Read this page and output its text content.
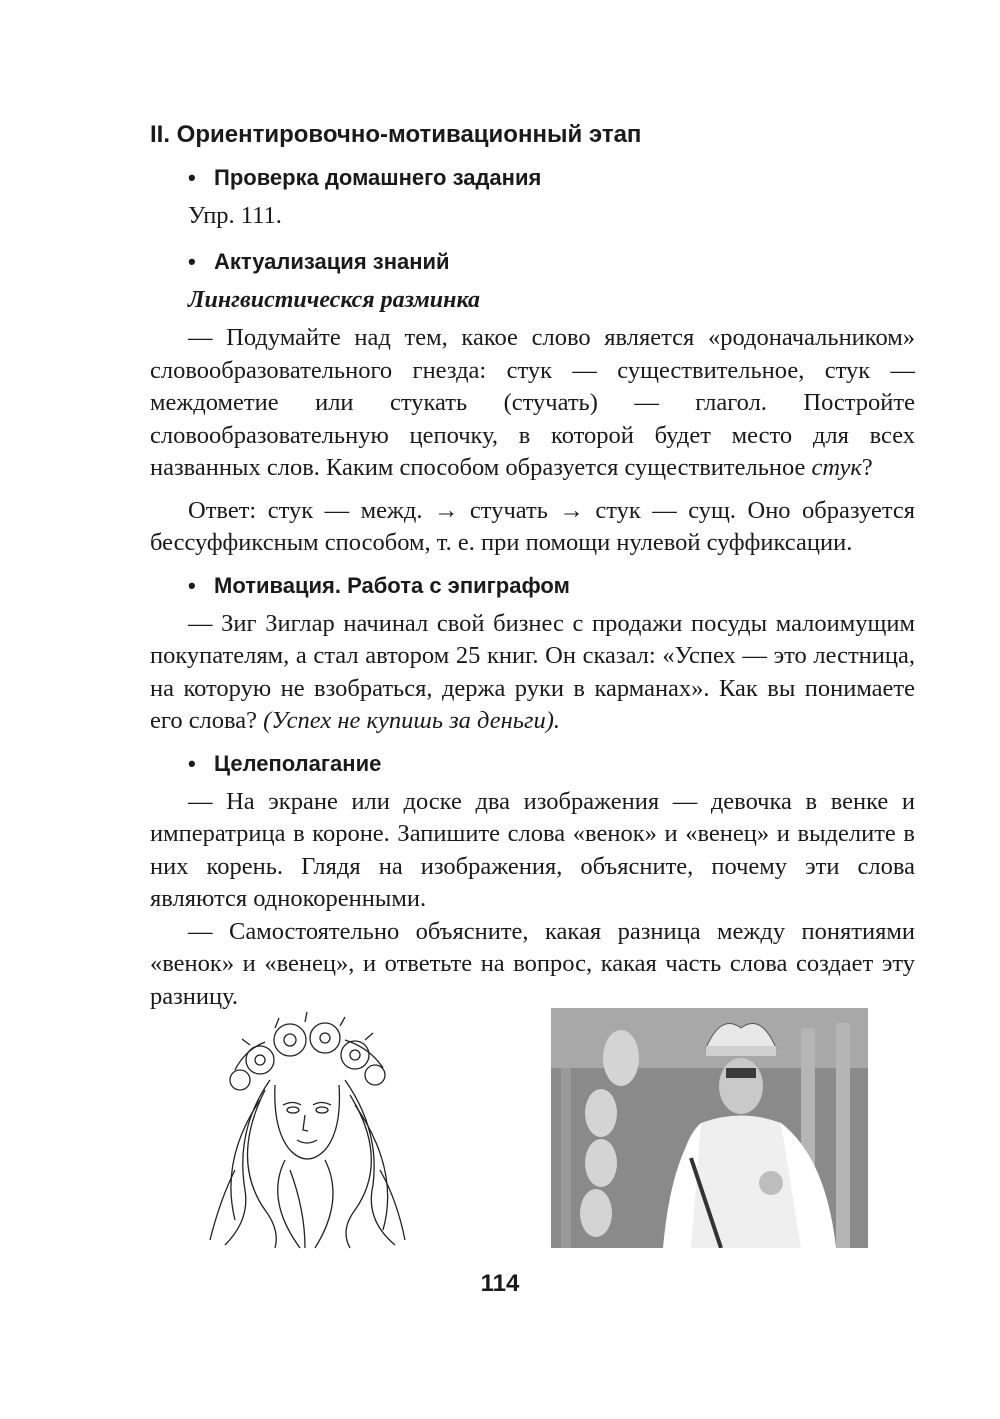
II. Ориентировочно-мотивационный этап
• Проверка домашнего задания

Упр. 111.

• Актуализация знаний
Лингвистическся разминка

— Подумайте над тем, какое слово является «родоначальником» словообразовательного гнезда: стук — существительное, стук — междометие или стукать (стучать) — глагол. Постройте словообразовательную цепочку, в которой будет место для всех названных слов. Каким способом образуется существительное стук?

Ответ: стук — межд. → стучать → стук — сущ. Оно образуется бессуффиксным способом, т. е. при помощи нулевой суффиксации.

• Мотивация. Работа с эпиграфом

— Зиг Зиглар начинал свой бизнес с продажи посуды малоимущим покупателям, а стал автором 25 книг. Он сказал: «Успех — это лестница, на которую не взобраться, держа руки в карманах». Как вы понимаете его слова? (Успех не купишь за деньги).

• Целеполагание

— На экране или доске два изображения — девочка в венке и императрица в короне. Запишите слова «венок» и «венец» и выделите в них корень. Глядя на изображения, объясните, почему эти слова являются однокоренными.

— Самостоятельно объясните, какая разница между понятиями «венок» и «венец», и ответьте на вопрос, какая часть слова создает эту разницу.

114
